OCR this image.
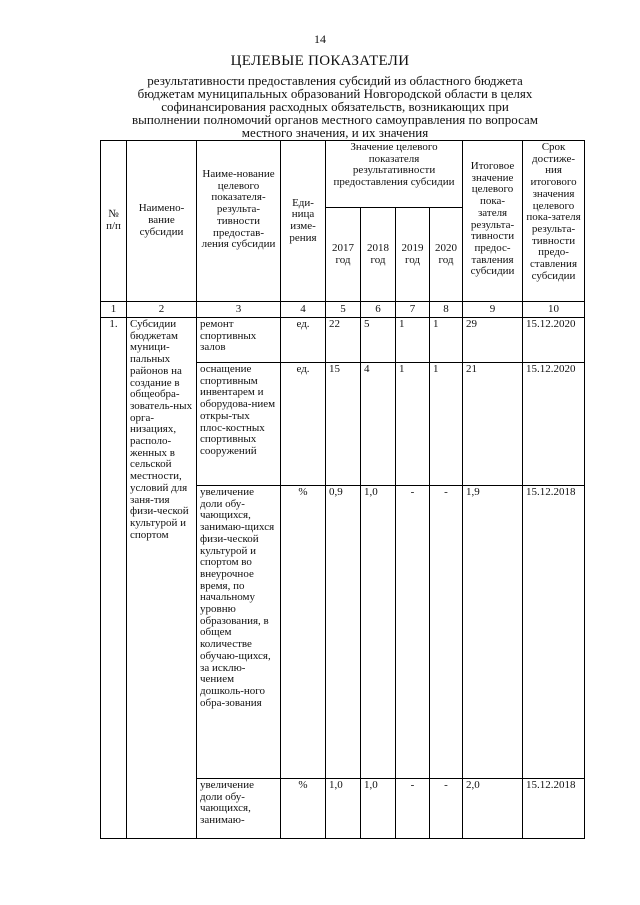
14
ЦЕЛЕВЫЕ ПОКАЗАТЕЛИ
результативности предоставления субсидий из областного бюджета бюджетам муниципальных образований Новгородской области в целях софинансирования расходных обязательств, возникающих при выполнении полномочий органов местного самоуправления по вопросам местного значения, и их значения
№ п/п	Наимено-вание субсидии	Наиме-нование целевого показателя-результа-тивности предостав-ления субсидии	Еди-ница изме-рения	Значение целевого показателя результативности предоставления субсидии				Итоговое значение целевого пока-зателя результа-тивности предос-тавления субсидии	Срок достиже-ния итогового значения целевого пока-зателя результа-тивности предо-ставления субсидии
				2017 год	2018 год	2019 год	2020 год		
1	2	3	4	5	6	7	8	9	10
1.	Субсидии бюджетам муници-пальных районов на создание в общеобра-зователь-ных орга-низациях, располо-женных в сельской местности, условий для заня-тия физи-ческой культурой и спортом	ремонт спортивных залов	ед.	22	5	1	1	29	15.12.2020
		оснащение спортивным инвентарем и оборудова-нием откры-тых плос-костных спортивных сооружений	ед.	15	4	1	1	21	15.12.2020
		увеличение доли обу-чающихся, занимаю-щихся физи-ческой культурой и спортом во внеурочное время, по начальному уровню образования, в общем количестве обучаю-щихся, за исклю-чением дошколь-ного обра-зования	%	0,9	1,0	-	-	1,9	15.12.2018
		увеличение доли обу-чающихся, занимаю-	%	1,0	1,0	-	-	2,0	15.12.2018
